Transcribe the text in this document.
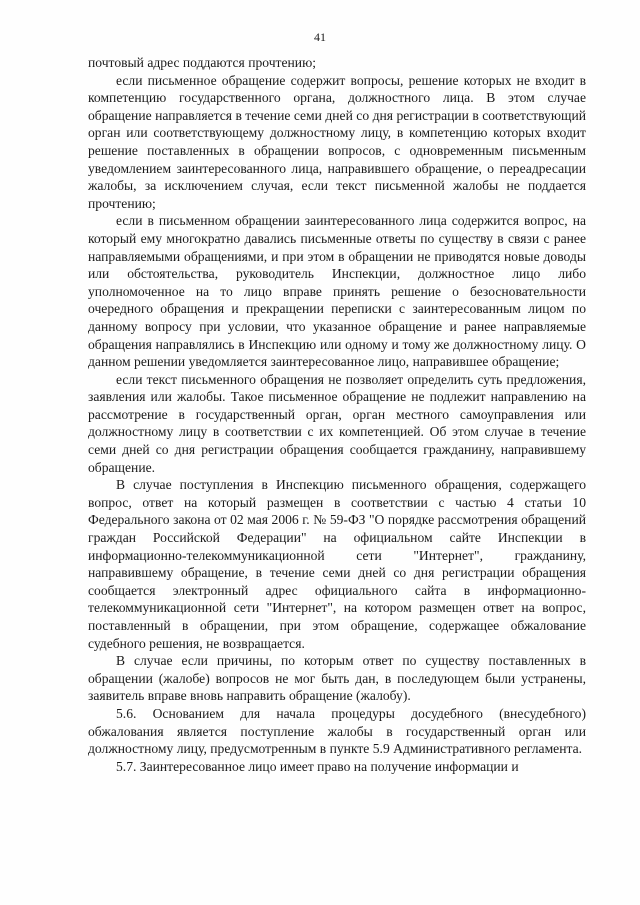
41

почтовый адрес поддаются прочтению;

если письменное обращение содержит вопросы, решение которых не входит в компетенцию государственного органа, должностного лица. В этом случае обращение направляется в течение семи дней со дня регистрации в соответствующий орган или соответствующему должностному лицу, в компетенцию которых входит решение поставленных в обращении вопросов, с одновременным письменным уведомлением заинтересованного лица, направившего обращение, о переадресации жалобы, за исключением случая, если текст письменной жалобы не поддается прочтению;

если в письменном обращении заинтересованного лица содержится вопрос, на который ему многократно давались письменные ответы по существу в связи с ранее направляемыми обращениями, и при этом в обращении не приводятся новые доводы или обстоятельства, руководитель Инспекции, должностное лицо либо уполномоченное на то лицо вправе принять решение о безосновательности очередного обращения и прекращении переписки с заинтересованным лицом по данному вопросу при условии, что указанное обращение и ранее направляемые обращения направлялись в Инспекцию или одному и тому же должностному лицу. О данном решении уведомляется заинтересованное лицо, направившее обращение;

если текст письменного обращения не позволяет определить суть предложения, заявления или жалобы. Такое письменное обращение не подлежит направлению на рассмотрение в государственный орган, орган местного самоуправления или должностному лицу в соответствии с их компетенцией. Об этом случае в течение семи дней со дня регистрации обращения сообщается гражданину, направившему обращение.

В случае поступления в Инспекцию письменного обращения, содержащего вопрос, ответ на который размещен в соответствии с частью 4 статьи 10 Федерального закона от 02 мая 2006 г. № 59-ФЗ "О порядке рассмотрения обращений граждан Российской Федерации" на официальном сайте Инспекции в информационно-телекоммуникационной сети "Интернет", гражданину, направившему обращение, в течение семи дней со дня регистрации обращения сообщается электронный адрес официального сайта в информационно-телекоммуникационной сети "Интернет", на котором размещен ответ на вопрос, поставленный в обращении, при этом обращение, содержащее обжалование судебного решения, не возвращается.

В случае если причины, по которым ответ по существу поставленных в обращении (жалобе) вопросов не мог быть дан, в последующем были устранены, заявитель вправе вновь направить обращение (жалобу).

5.6. Основанием для начала процедуры досудебного (внесудебного) обжалования является поступление жалобы в государственный орган или должностному лицу, предусмотренным в пункте 5.9 Административного регламента.

5.7. Заинтересованное лицо имеет право на получение информации и
